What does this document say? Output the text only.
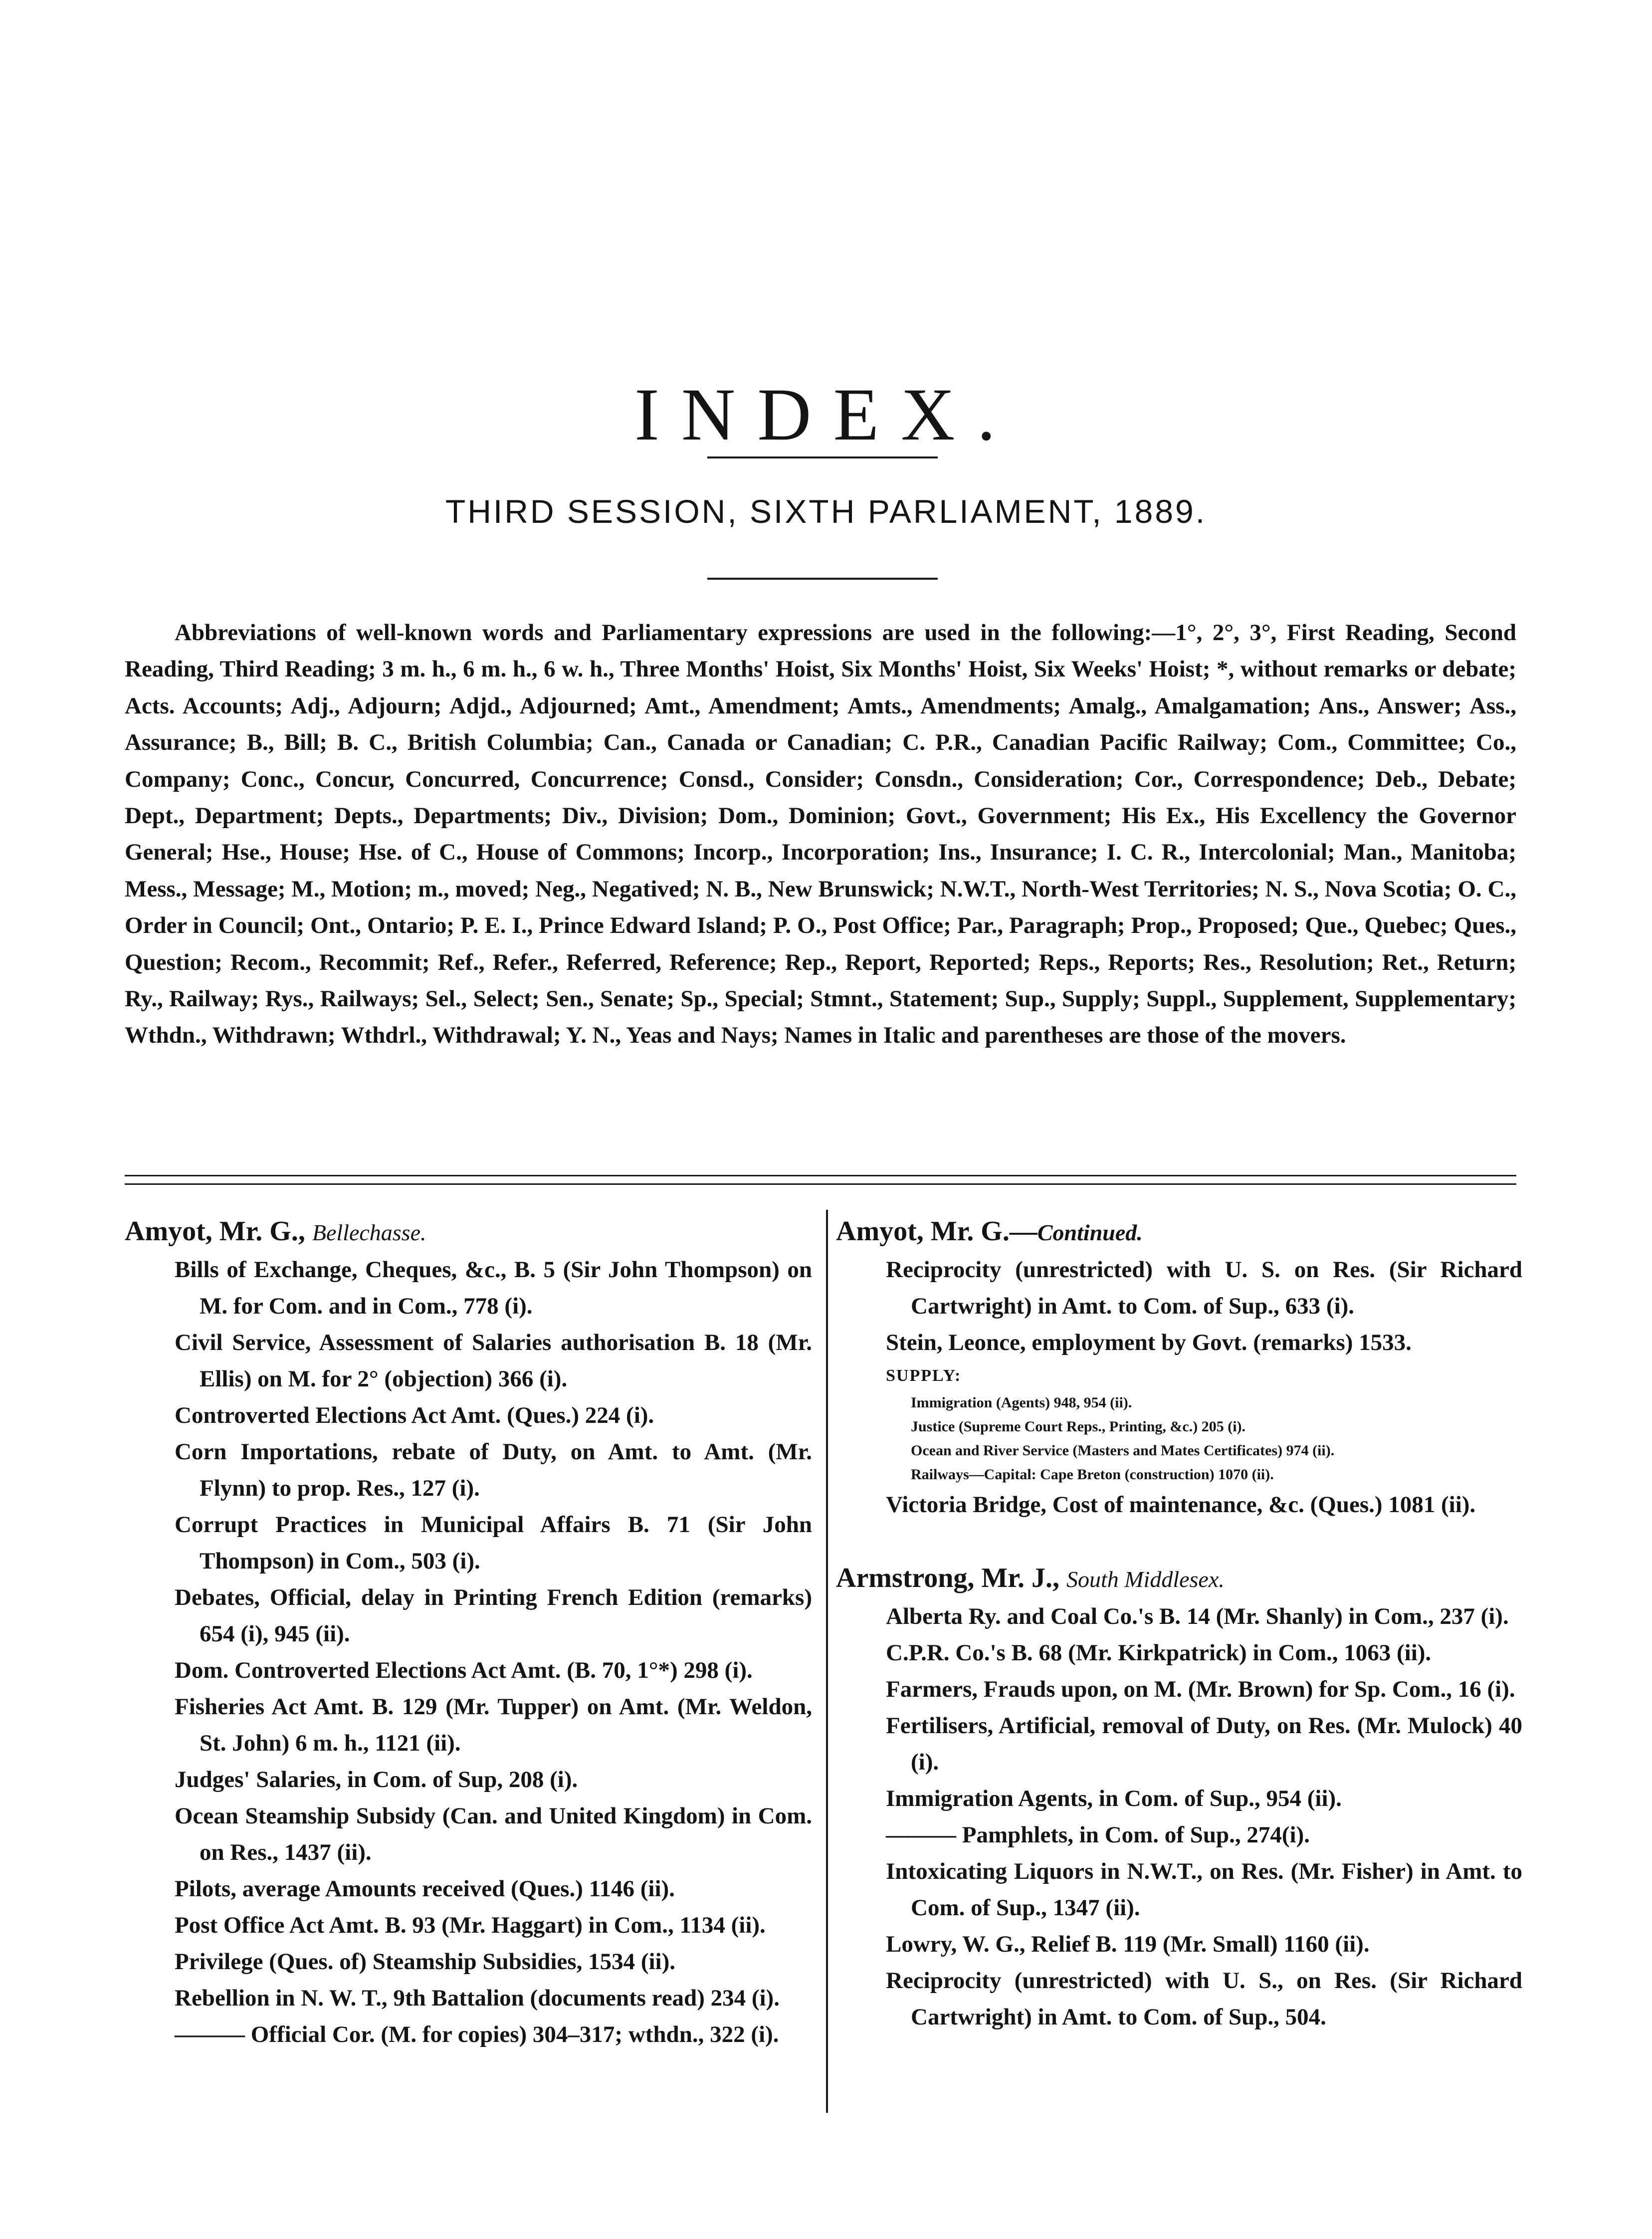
INDEX.
THIRD SESSION, SIXTH PARLIAMENT, 1889.

Abbreviations of well-known words and Parliamentary expressions are used in the following:—1°, 2°, 3°, First Reading, Second Reading, Third Reading; 3 m. h., 6 m. h., 6 w. h., Three Months' Hoist, Six Months' Hoist, Six Weeks' Hoist; *, without remarks or debate; Acts. Accounts; Adj., Adjourn; Adjd., Adjourned; Amt., Amendment; Amts., Amendments; Amalg., Amalgamation; Ans., Answer; Ass., Assurance; B., Bill; B. C., British Columbia; Can., Canada or Canadian; C. P.R., Canadian Pacific Railway; Com., Committee; Co., Company; Conc., Concur, Concurred, Concurrence; Consd., Consider; Consdn., Consideration; Cor., Correspondence; Deb., Debate; Dept., Department; Depts., Departments; Div., Division; Dom., Dominion; Govt., Government; His Ex., His Excellency the Governor General; Hse., House; Hse. of C., House of Commons; Incorp., Incorporation; Ins., Insurance; I. C. R., Intercolonial; Man., Manitoba; Mess., Message; M., Motion; m., moved; Neg., Negatived; N. B., New Brunswick; N.W.T., North-West Territories; N. S., Nova Scotia; O. C., Order in Council; Ont., Ontario; P. E. I., Prince Edward Island; P. O., Post Office; Par., Paragraph; Prop., Proposed; Que., Quebec; Ques., Question; Recom., Recommit; Ref., Refer., Referred, Reference; Rep., Report, Reported; Reps., Reports; Res., Resolution; Ret., Return; Ry., Railway; Rys., Railways; Sel., Select; Sen., Senate; Sp., Special; Stmnt., Statement; Sup., Supply; Suppl., Supplement, Supplementary; Wthdn., Withdrawn; Wthdrl., Withdrawal; Y. N., Yeas and Nays; Names in Italic and parentheses are those of the movers.

Amyot, Mr. G., Bellechasse.

Bills of Exchange, Cheques, &c., B. 5 (Sir John Thompson) on M. for Com. and in Com., 778 (i).
Civil Service, Assessment of Salaries authorisation B. 18 (Mr. Ellis) on M. for 2° (objection) 366 (i).
Controverted Elections Act Amt. (Ques.) 224 (i).
Corn Importations, rebate of Duty, on Amt. to Amt. (Mr. Flynn) to prop. Res., 127 (i).
Corrupt Practices in Municipal Affairs B. 71 (Sir John Thompson) in Com., 503 (i).
Debates, Official, delay in Printing French Edition (remarks) 654 (i), 945 (ii).
Dom. Controverted Elections Act Amt. (B. 70, 1°*) 298 (i).
Fisheries Act Amt. B. 129 (Mr. Tupper) on Amt. (Mr. Weldon, St. John) 6 m. h., 1121 (ii).
Judges' Salaries, in Com. of Sup, 208 (i).
Ocean Steamship Subsidy (Can. and United Kingdom) in Com. on Res., 1437 (ii).
Pilots, average Amounts received (Ques.) 1146 (ii).
Post Office Act Amt. B. 93 (Mr. Haggart) in Com., 1134 (ii).
Privilege (Ques. of) Steamship Subsidies, 1534 (ii).
Rebellion in N. W. T., 9th Battalion (documents read) 234 (i).
——— Official Cor. (M. for copies) 304–317; wthdn., 322 (i).

Amyot, Mr. G.—Continued.

Reciprocity (unrestricted) with U. S. on Res. (Sir Richard Cartwright) in Amt. to Com. of Sup., 633 (i).
Stein, Leonce, employment by Govt. (remarks) 1533.
SUPPLY:
Immigration (Agents) 948, 954 (ii).
Justice (Supreme Court Reps., Printing, &c.) 205 (i).
Ocean and River Service (Masters and Mates Certificates) 974 (ii).
Railways—Capital: Cape Breton (construction) 1070 (ii).
Victoria Bridge, Cost of maintenance, &c. (Ques.) 1081 (ii).

Armstrong, Mr. J., South Middlesex.

Alberta Ry. and Coal Co.'s B. 14 (Mr. Shanly) in Com., 237 (i).
C.P.R. Co.'s B. 68 (Mr. Kirkpatrick) in Com., 1063 (ii).
Farmers, Frauds upon, on M. (Mr. Brown) for Sp. Com., 16 (i).
Fertilisers, Artificial, removal of Duty, on Res. (Mr. Mulock) 40 (i).
Immigration Agents, in Com. of Sup., 954 (ii).
——— Pamphlets, in Com. of Sup., 274(i).
Intoxicating Liquors in N.W.T., on Res. (Mr. Fisher) in Amt. to Com. of Sup., 1347 (ii).
Lowry, W. G., Relief B. 119 (Mr. Small) 1160 (ii).
Reciprocity (unrestricted) with U. S., on Res. (Sir Richard Cartwright) in Amt. to Com. of Sup., 504.
